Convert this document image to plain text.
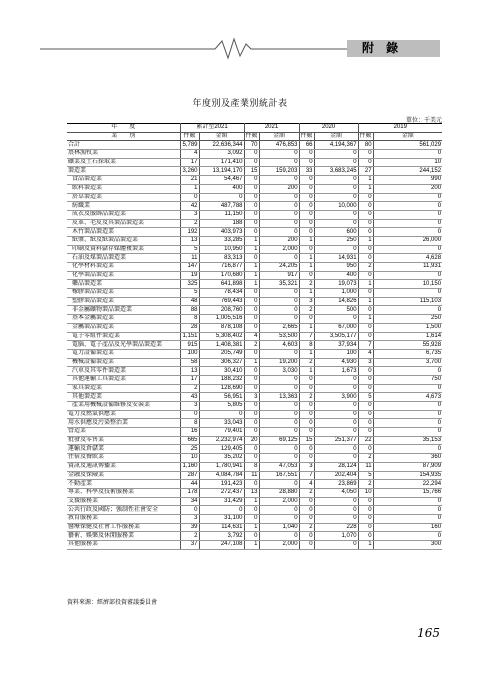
附 錄
年度別及產業別統計表
單位：千美元
年　　度	累計至2021		2021		2020		2019	
業　　別	件數	金額	件數	金額	件數	金額	件數	金額
合計	5,789	22,636,344	70	476,853	66	4,194,367	80	561,029
農林漁牧業	4	3,092	0	0	0	0	0	0
礦業及土石採取業	17	171,410	0	0	0	0	0	10
製造業	3,260	13,194,170	15	159,203	33	3,683,245	27	244,152
食品製造業	21	54,467	0	0	0	0	1	990
飲料製造業	1	400	0	200	0	0	1	200
菸草製造業	0	0	0	0	0	0	0	0
紡織業	42	487,788	0	0	0	10,000	0	0
成衣及服飾品製造業	3	11,150	0	0	0	0	0	0
皮革、毛皮及其製品製造業	2	188	0	0	0	0	0	0
木竹製品製造業	192	403,973	0	0	0	600	0	0
紙漿、紙及紙製品製造業	13	33,285	1	200	1	250	1	26,000
印刷及資料儲存媒體複製業	5	10,950	1	2,000	0	0	0	0
石油及煤製品製造業	11	83,313	0	0	1	14,931	0	4,628
化學材料製造業	147	716,877	1	24,205	1	950	2	11,931
化學製品製造業	19	170,680	1	917	0	400	0	0
藥品製造業	325	641,898	1	35,321	2	19,073	1	10,150
橡膠製品製造業	5	78,434	0	0	1	1,000	0	0
塑膠製品製造業	48	769,443	0	0	3	14,826	1	115,103
非金屬礦物製品製造業	88	208,760	0	0	2	500	0	0
基本金屬製造業	8	1,005,516	0	0	0	0	1	250
金屬製品製造業	28	878,108	0	2,665	1	67,000	0	1,500
電子零組件製造業	1,151	5,308,402	4	53,500	7	3,505,177	0	1,614
電腦、電子產品及光學製品製造業	915	1,408,381	2	4,603	8	37,934	7	55,928
電力設備製造業	100	205,749	0	0	1	100	4	6,735
機械設備製造業	58	306,327	1	19,200	2	4,930	3	3,700
汽車及其零件製造業	13	30,410	0	3,030	1	1,673	0	0
其他運輸工具製造業	17	188,232	0	0	0	0	0	750
家具製造業	2	128,690	0	0	0	0	0	0
其他製造業	43	56,951	3	13,363	2	3,900	5	4,673
產業用機械設備維修及安裝業	3	5,805	0	0	0	0	0	0
電力及燃氣供應業	0	0	0	0	0	0	0	0
用水供應及污染整治業	8	33,043	0	0	0	0	0	0
營造業	16	79,401	0	0	0	0	0	0
批發及零售業	665	2,232,974	20	69,125	15	251,377	22	35,153
運輸及倉儲業	25	129,405	0	0	0	0	0	0
住宿及餐飲業	10	35,202	0	0	0	0	2	360
資訊及通訊傳播業	1,160	1,780,941	8	47,053	3	28,124	11	87,909
金融及保險業	287	4,084,784	11	167,551	7	202,404	5	154,935
不動產業	44	191,423	0	0	4	23,869	2	22,294
專業、科學及技術服務業	178	272,437	13	28,880	2	4,050	10	15,766
支援服務業	34	31,429	1	2,000	0	0	0	0
公共行政及國防；強制性社會安全	0	0	0	0	0	0	0	0
教育服務業	3	31,100	0	0	0	0	0	0
醫療保健及社會工作服務業	39	114,631	1	1,040	2	228	0	160
藝術、娛樂及休閒服務業	2	3,792	0	0	0	1,070	0	0
其他服務業	37	247,108	1	2,000	0	0	1	300
資料來源：經濟部投資審議委員會
165
